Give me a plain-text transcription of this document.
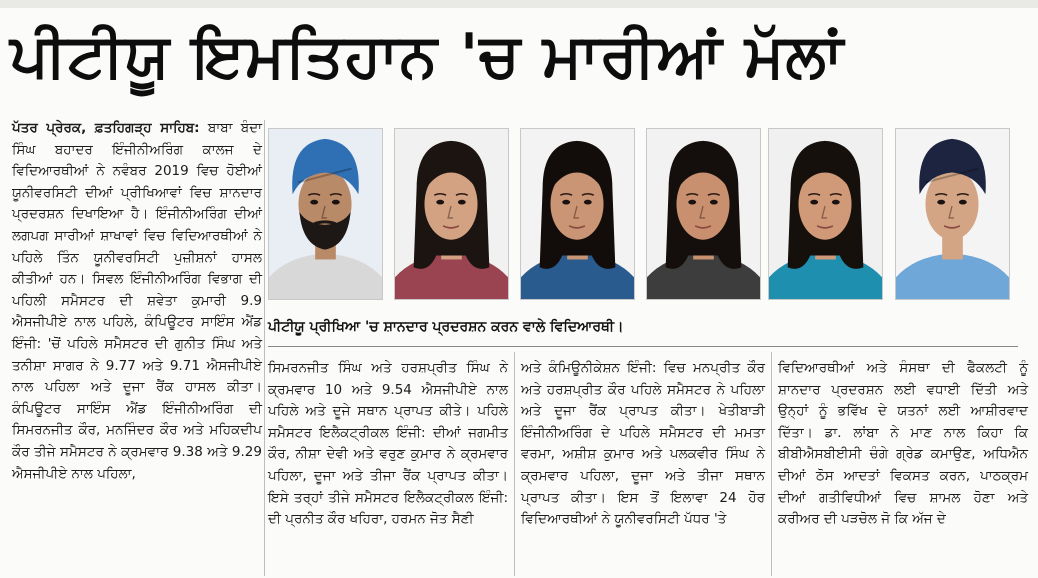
ਪੀਟੀਯੂ ਇਮਤਿਹਾਨ 'ਚ ਮਾਰੀਆਂ ਮੱਲਾਂ

ਪੱਤਰ ਪ੍ਰੇਰਕ, ਫ਼ਤਹਿਗੜ੍ਹ ਸਾਹਿਬ: ਬਾਬਾ ਬੰਦਾ ਸਿੰਘ ਬਹਾਦਰ ਇੰਜੀਨੀਅਰਿੰਗ ਕਾਲਜ ਦੇ ਵਿਦਿਆਰਥੀਆਂ ਨੇ ਨਵੰਬਰ 2019 ਵਿਚ ਹੋਈਆਂ ਯੂਨੀਵਰਸਿਟੀ ਦੀਆਂ ਪ੍ਰੀਖਿਆਵਾਂ ਵਿਚ ਸ਼ਾਨਦਾਰ ਪ੍ਰਦਰਸ਼ਨ ਦਿਖਾਇਆ ਹੈ। ਇੰਜੀਨੀਅਰਿੰਗ ਦੀਆਂ ਲਗਪਗ ਸਾਰੀਆਂ ਸ਼ਾਖਾਵਾਂ ਵਿਚ ਵਿਦਿਆਰਥੀਆਂ ਨੇ ਪਹਿਲੇ ਤਿੰਨ ਯੂਨੀਵਰਸਿਟੀ ਪੁਜ਼ੀਸ਼ਨਾਂ ਹਾਸਲ ਕੀਤੀਆਂ ਹਨ। ਸਿਵਲ ਇੰਜੀਨੀਅਰਿੰਗ ਵਿਭਾਗ ਦੀ ਪਹਿਲੀ ਸਮੈਸਟਰ ਦੀ ਸ਼ਵੇਤਾ ਕੁਮਾਰੀ 9.9 ਐਸਜੀਪੀਏ ਨਾਲ ਪਹਿਲੇ, ਕੰਪਿਊਟਰ ਸਾਇੰਸ ਐਂਡ ਇੰਜੀ: 'ਚੋਂ ਪਹਿਲੇ ਸਮੈਸਟਰ ਦੀ ਗੁਨੀਤ ਸਿੰਘ ਅਤੇ ਤਨੀਸ਼ਾ ਸਾਗਰ ਨੇ 9.77 ਅਤੇ 9.71 ਐਸਜੀਪੀਏ ਨਾਲ ਪਹਿਲਾ ਅਤੇ ਦੂਜਾ ਰੈਂਕ ਹਾਸਲ ਕੀਤਾ। ਕੰਪਿਊਟਰ ਸਾਇੰਸ ਐਂਡ ਇੰਜੀਨੀਅਰਿੰਗ ਦੀ ਸਿਮਰਨਜੀਤ ਕੌਰ, ਮਨਜਿੰਦਰ ਕੌਰ ਅਤੇ ਮਹਿਕਦੀਪ ਕੌਰ ਤੀਜੇ ਸਮੈਸਟਰ ਨੇ ਕ੍ਰਮਵਾਰ 9.38 ਅਤੇ 9.29 ਐਸਜੀਪੀਏ ਨਾਲ ਪਹਿਲਾ,

ਪੀਟੀਯੂ ਪ੍ਰੀਖਿਆ 'ਚ ਸ਼ਾਨਦਾਰ ਪ੍ਰਦਰਸ਼ਨ ਕਰਨ ਵਾਲੇ ਵਿਦਿਆਰਥੀ।

ਸਿਮਰਨਜੀਤ ਸਿੰਘ ਅਤੇ ਹਰਸ਼ਪ੍ਰੀਤ ਸਿੰਘ ਨੇ ਕ੍ਰਮਵਾਰ 10 ਅਤੇ 9.54 ਐਸਜੀਪੀਏ ਨਾਲ ਪਹਿਲੇ ਅਤੇ ਦੂਜੇ ਸਥਾਨ ਪ੍ਰਾਪਤ ਕੀਤੇ। ਪਹਿਲੇ ਸਮੈਸਟਰ ਇਲੈਕਟ੍ਰੀਕਲ ਇੰਜੀ: ਦੀਆਂ ਜਗਮੀਤ ਕੌਰ, ਨੀਸ਼ਾ ਦੇਵੀ ਅਤੇ ਵਰੁਣ ਕੁਮਾਰ ਨੇ ਕ੍ਰਮਵਾਰ ਪਹਿਲਾ, ਦੂਜਾ ਅਤੇ ਤੀਜਾ ਰੈਂਕ ਪ੍ਰਾਪਤ ਕੀਤਾ। ਇਸੇ ਤਰ੍ਹਾਂ ਤੀਜੇ ਸਮੈਸਟਰ ਇਲੈਕਟ੍ਰੀਕਲ ਇੰਜੀ: ਦੀ ਪ੍ਰਨੀਤ ਕੌਰ ਖਹਿਰਾ, ਹਰਮਨ ਜੋਤ ਸੈਣੀ

ਅਤੇ ਕੰਮਿਊਨੀਕੇਸ਼ਨ ਇੰਜੀ: ਵਿਚ ਮਨਪ੍ਰੀਤ ਕੌਰ ਅਤੇ ਹਰਸ਼ਪ੍ਰੀਤ ਕੌਰ ਪਹਿਲੇ ਸਮੈਸਟਰ ਨੇ ਪਹਿਲਾ ਅਤੇ ਦੂਜਾ ਰੈਂਕ ਪ੍ਰਾਪਤ ਕੀਤਾ। ਖੇਤੀਬਾੜੀ ਇੰਜੀਨੀਅਰਿੰਗ ਦੇ ਪਹਿਲੇ ਸਮੈਸਟਰ ਦੀ ਮਮਤਾ ਵਰਮਾ, ਅਸ਼ੀਸ਼ ਕੁਮਾਰ ਅਤੇ ਪਲਕਵੀਰ ਸਿੰਘ ਨੇ ਕ੍ਰਮਵਾਰ ਪਹਿਲਾ, ਦੂਜਾ ਅਤੇ ਤੀਜਾ ਸਥਾਨ ਪ੍ਰਾਪਤ ਕੀਤਾ। ਇਸ ਤੋਂ ਇਲਾਵਾ 24 ਹੋਰ ਵਿਦਿਆਰਥੀਆਂ ਨੇ ਯੂਨੀਵਰਸਿਟੀ ਪੱਧਰ 'ਤੇ

ਵਿਦਿਆਰਥੀਆਂ ਅਤੇ ਸੰਸਥਾ ਦੀ ਫੈਕਲਟੀ ਨੂੰ ਸ਼ਾਨਦਾਰ ਪ੍ਰਦਰਸ਼ਨ ਲਈ ਵਧਾਈ ਦਿੱਤੀ ਅਤੇ ਉਨ੍ਹਾਂ ਨੂੰ ਭਵਿੱਖ ਦੇ ਯਤਨਾਂ ਲਈ ਆਸ਼ੀਰਵਾਦ ਦਿੱਤਾ। ਡਾ. ਲਾਂਬਾ ਨੇ ਮਾਣ ਨਾਲ ਕਿਹਾ ਕਿ ਬੀਬੀਐਸਬੀਈਸੀ ਚੰਗੇ ਗ੍ਰੇਡ ਕਮਾਉਣ, ਅਧਿਐਨ ਦੀਆਂ ਠੋਸ ਆਦਤਾਂ ਵਿਕਸਤ ਕਰਨ, ਪਾਠਕ੍ਰਮ ਦੀਆਂ ਗਤੀਵਿਧੀਆਂ ਵਿਚ ਸ਼ਾਮਲ ਹੋਣਾ ਅਤੇ ਕਰੀਅਰ ਦੀ ਪੜਚੋਲ ਜੋ ਕਿ ਅੱਜ ਦੇ
